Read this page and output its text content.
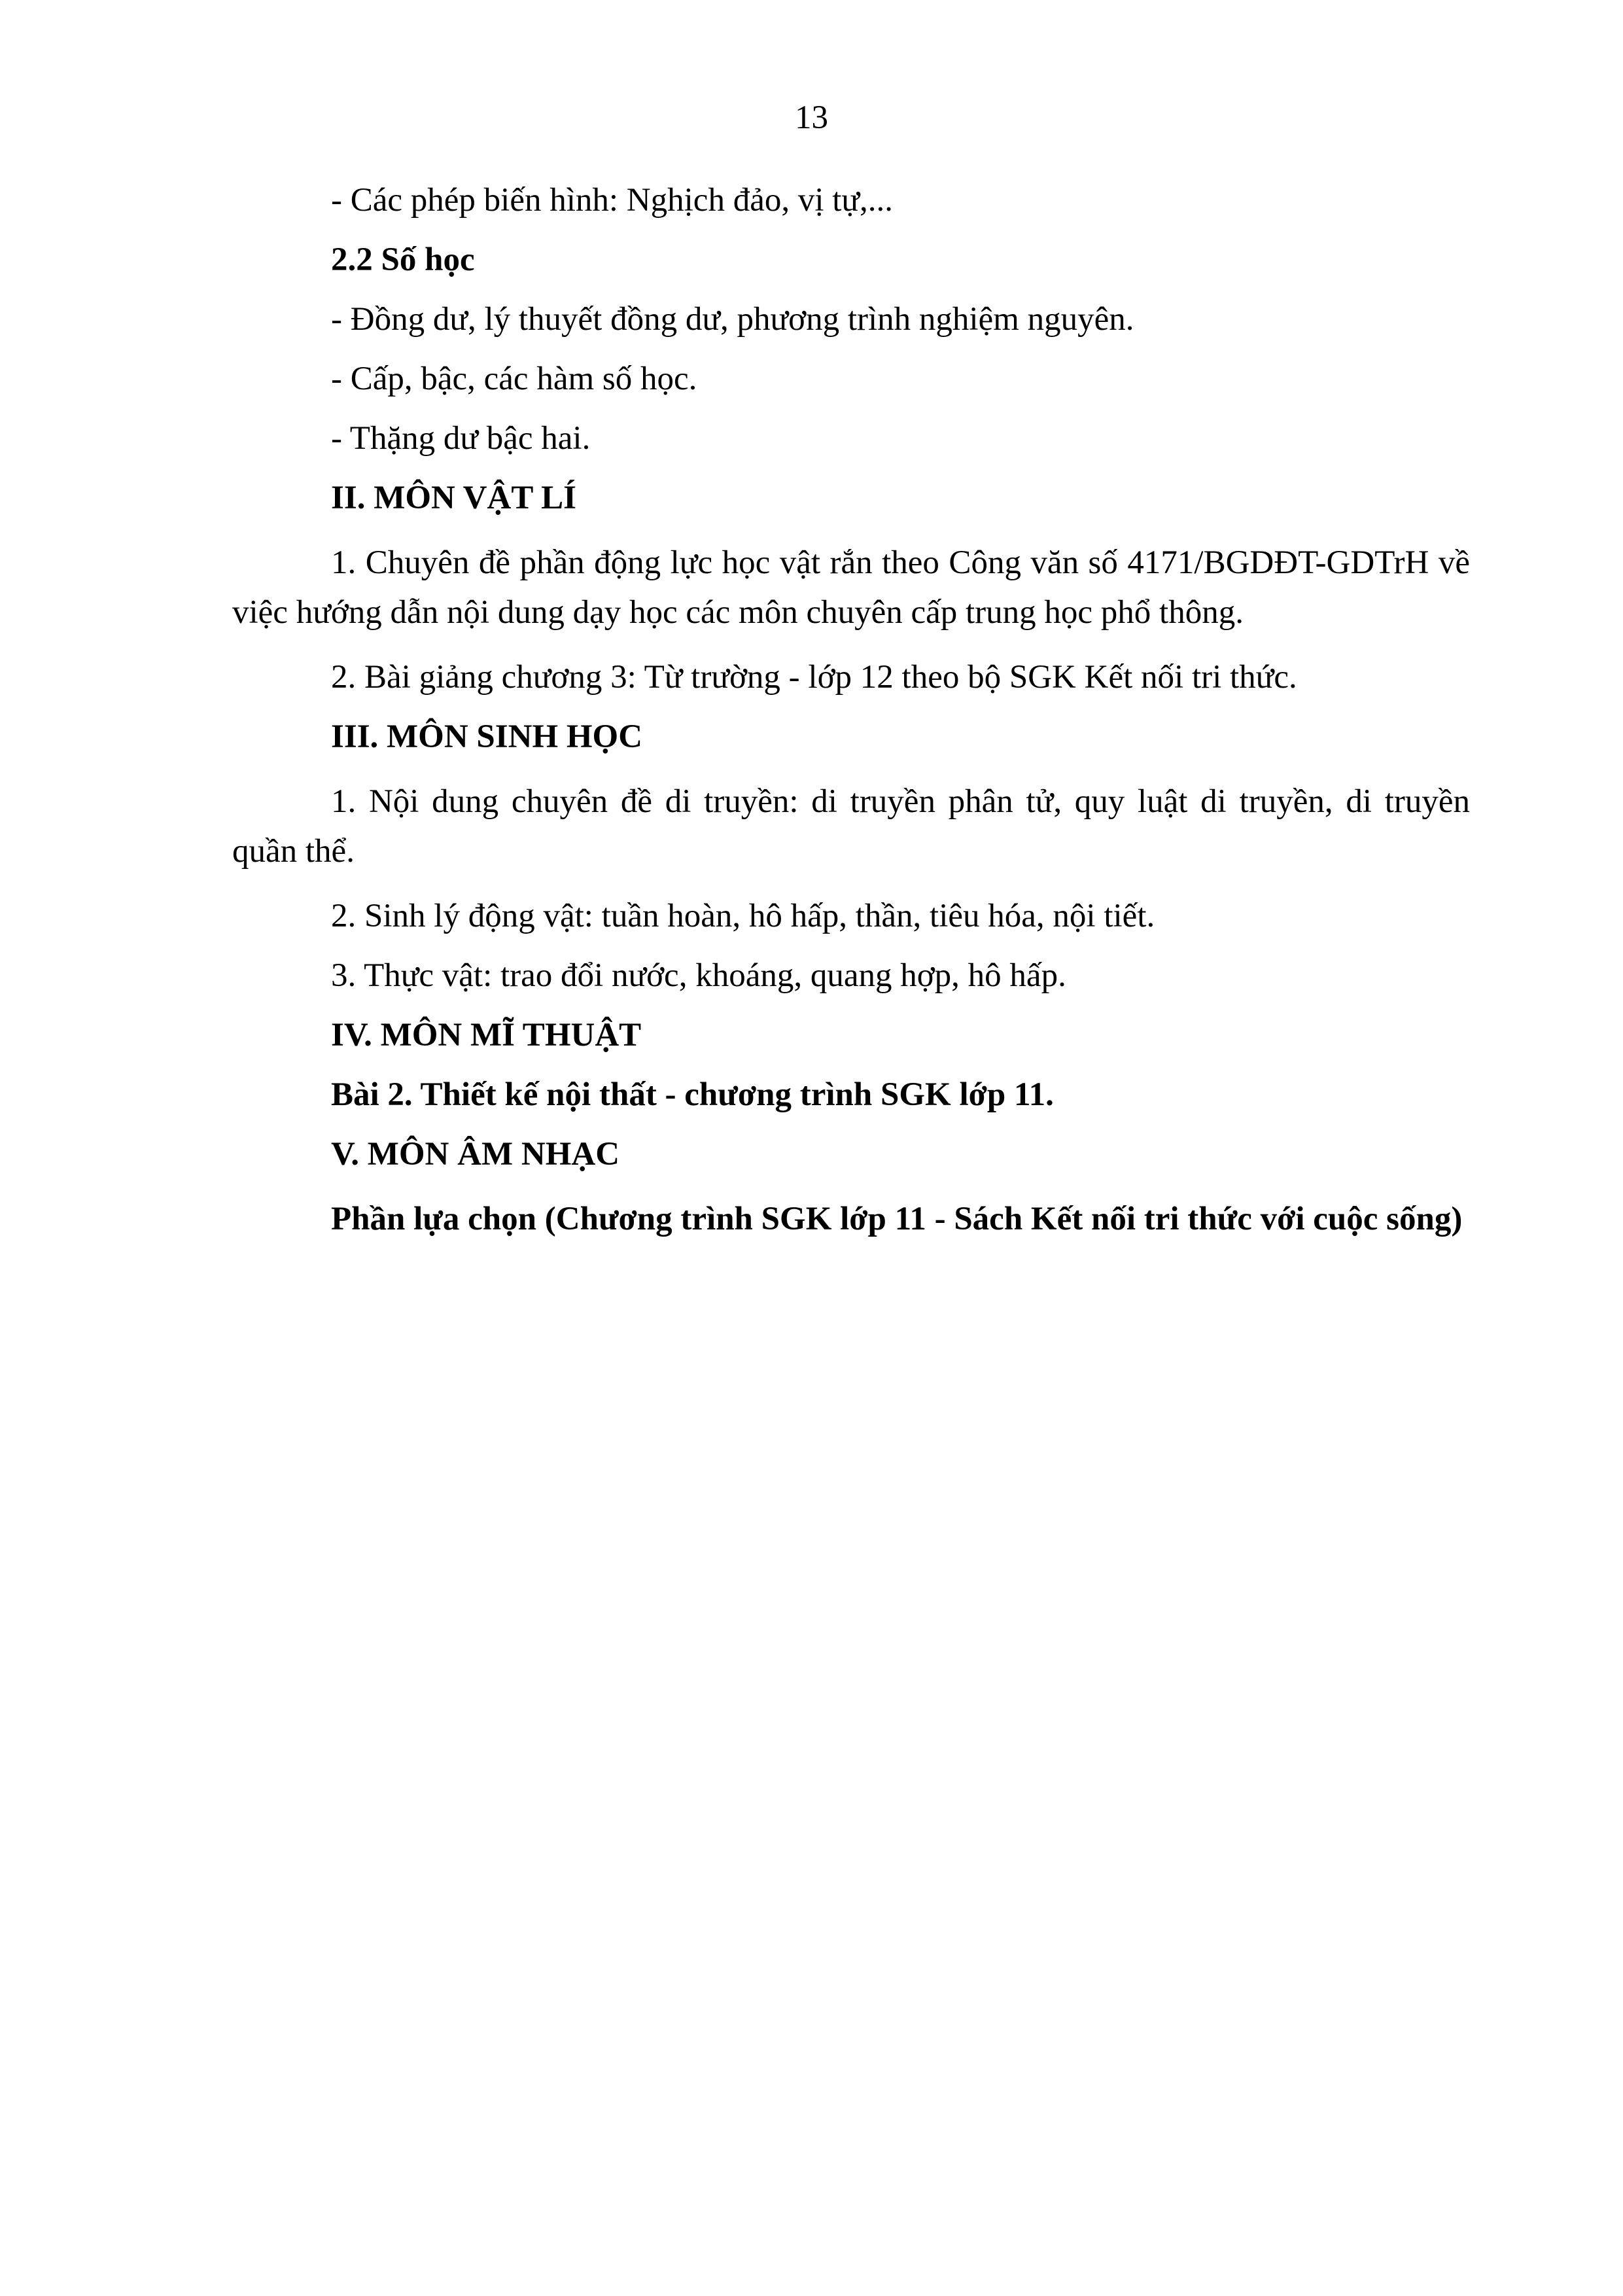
13

- Các phép biến hình: Nghịch đảo, vị tự,...

2.2 Số học

- Đồng dư, lý thuyết đồng dư, phương trình nghiệm nguyên.

- Cấp, bậc, các hàm số học.

- Thặng dư bậc hai.

II. MÔN VẬT LÍ

1. Chuyên đề phần động lực học vật rắn theo Công văn số 4171/BGDĐT-GDTrH về việc hướng dẫn nội dung dạy học các môn chuyên cấp trung học phổ thông.

2. Bài giảng chương 3: Từ trường - lớp 12 theo bộ SGK Kết nối tri thức.

III. MÔN SINH HỌC

1. Nội dung chuyên đề di truyền: di truyền phân tử, quy luật di truyền, di truyền quần thể.

2. Sinh lý động vật: tuần hoàn, hô hấp, thần, tiêu hóa, nội tiết.

3. Thực vật: trao đổi nước, khoáng, quang hợp, hô hấp.

IV. MÔN MĨ THUẬT

Bài 2. Thiết kế nội thất - chương trình SGK lớp 11.

V. MÔN ÂM NHẠC

Phần lựa chọn (Chương trình SGK lớp 11 - Sách Kết nối tri thức với cuộc sống)
